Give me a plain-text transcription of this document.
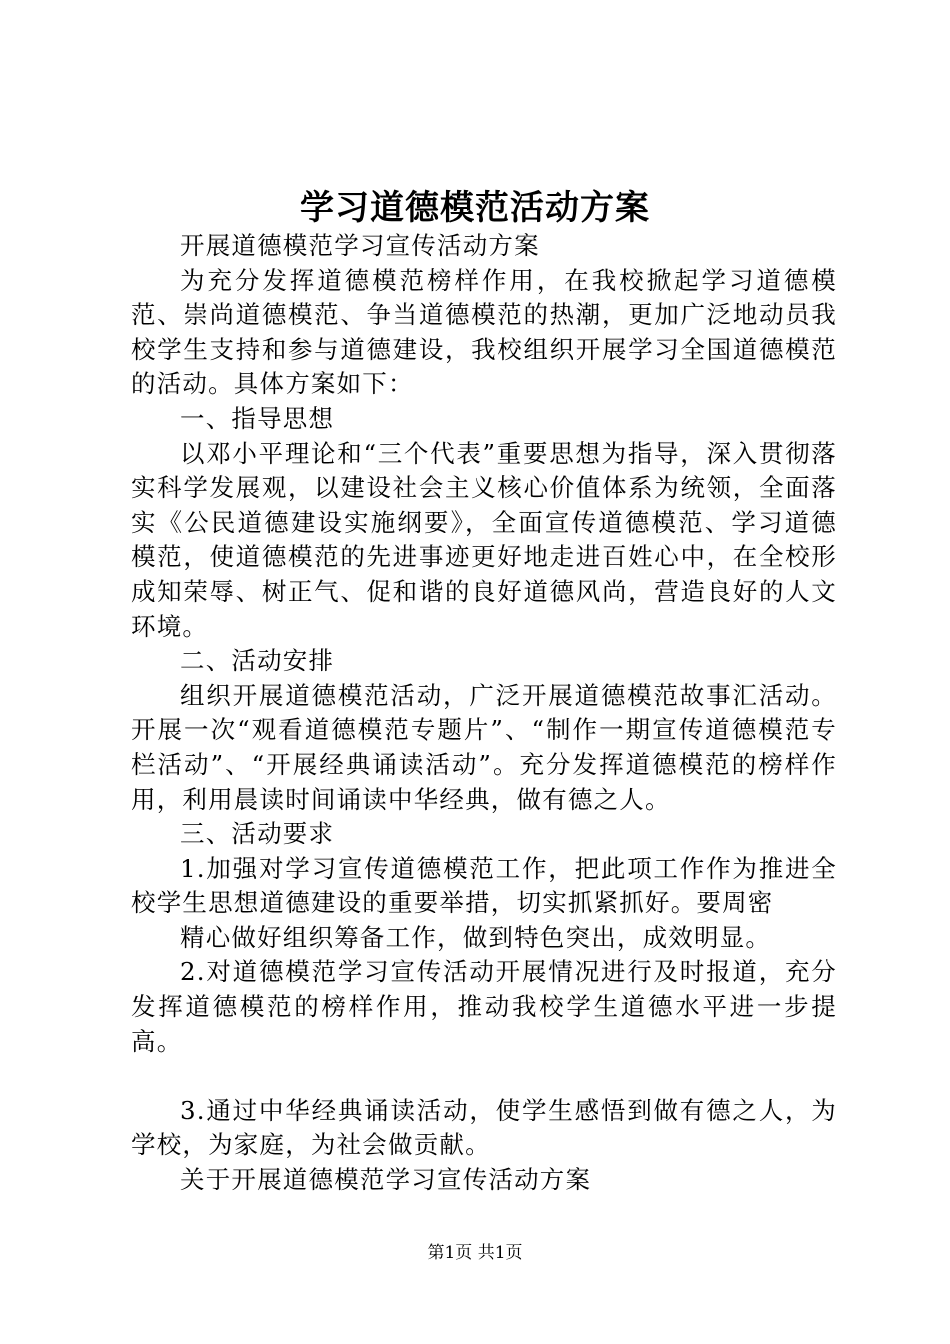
学习道德模范活动方案

开展道德模范学习宣传活动方案

为充分发挥道德模范榜样作用，在我校掀起学习道德模范、崇尚道德模范、争当道德模范的热潮，更加广泛地动员我校学生支持和参与道德建设，我校组织开展学习全国道德模范的活动。具体方案如下：

一、指导思想

以邓小平理论和“三个代表”重要思想为指导，深入贯彻落实科学发展观，以建设社会主义核心价值体系为统领，全面落实《公民道德建设实施纲要》，全面宣传道德模范、学习道德模范，使道德模范的先进事迹更好地走进百姓心中，在全校形成知荣辱、树正气、促和谐的良好道德风尚，营造良好的人文环境。

二、活动安排

组织开展道德模范活动，广泛开展道德模范故事汇活动。开展一次“观看道德模范专题片”、“制作一期宣传道德模范专栏活动”、“开展经典诵读活动”。充分发挥道德模范的榜样作用，利用晨读时间诵读中华经典，做有德之人。

三、活动要求

1.加强对学习宣传道德模范工作，把此项工作作为推进全校学生思想道德建设的重要举措，切实抓紧抓好。要周密

精心做好组织筹备工作，做到特色突出，成效明显。

2.对道德模范学习宣传活动开展情况进行及时报道，充分发挥道德模范的榜样作用，推动我校学生道德水平进一步提高。

3.通过中华经典诵读活动，使学生感悟到做有德之人，为学校，为家庭，为社会做贡献。

关于开展道德模范学习宣传活动方案

第1页 共1页
